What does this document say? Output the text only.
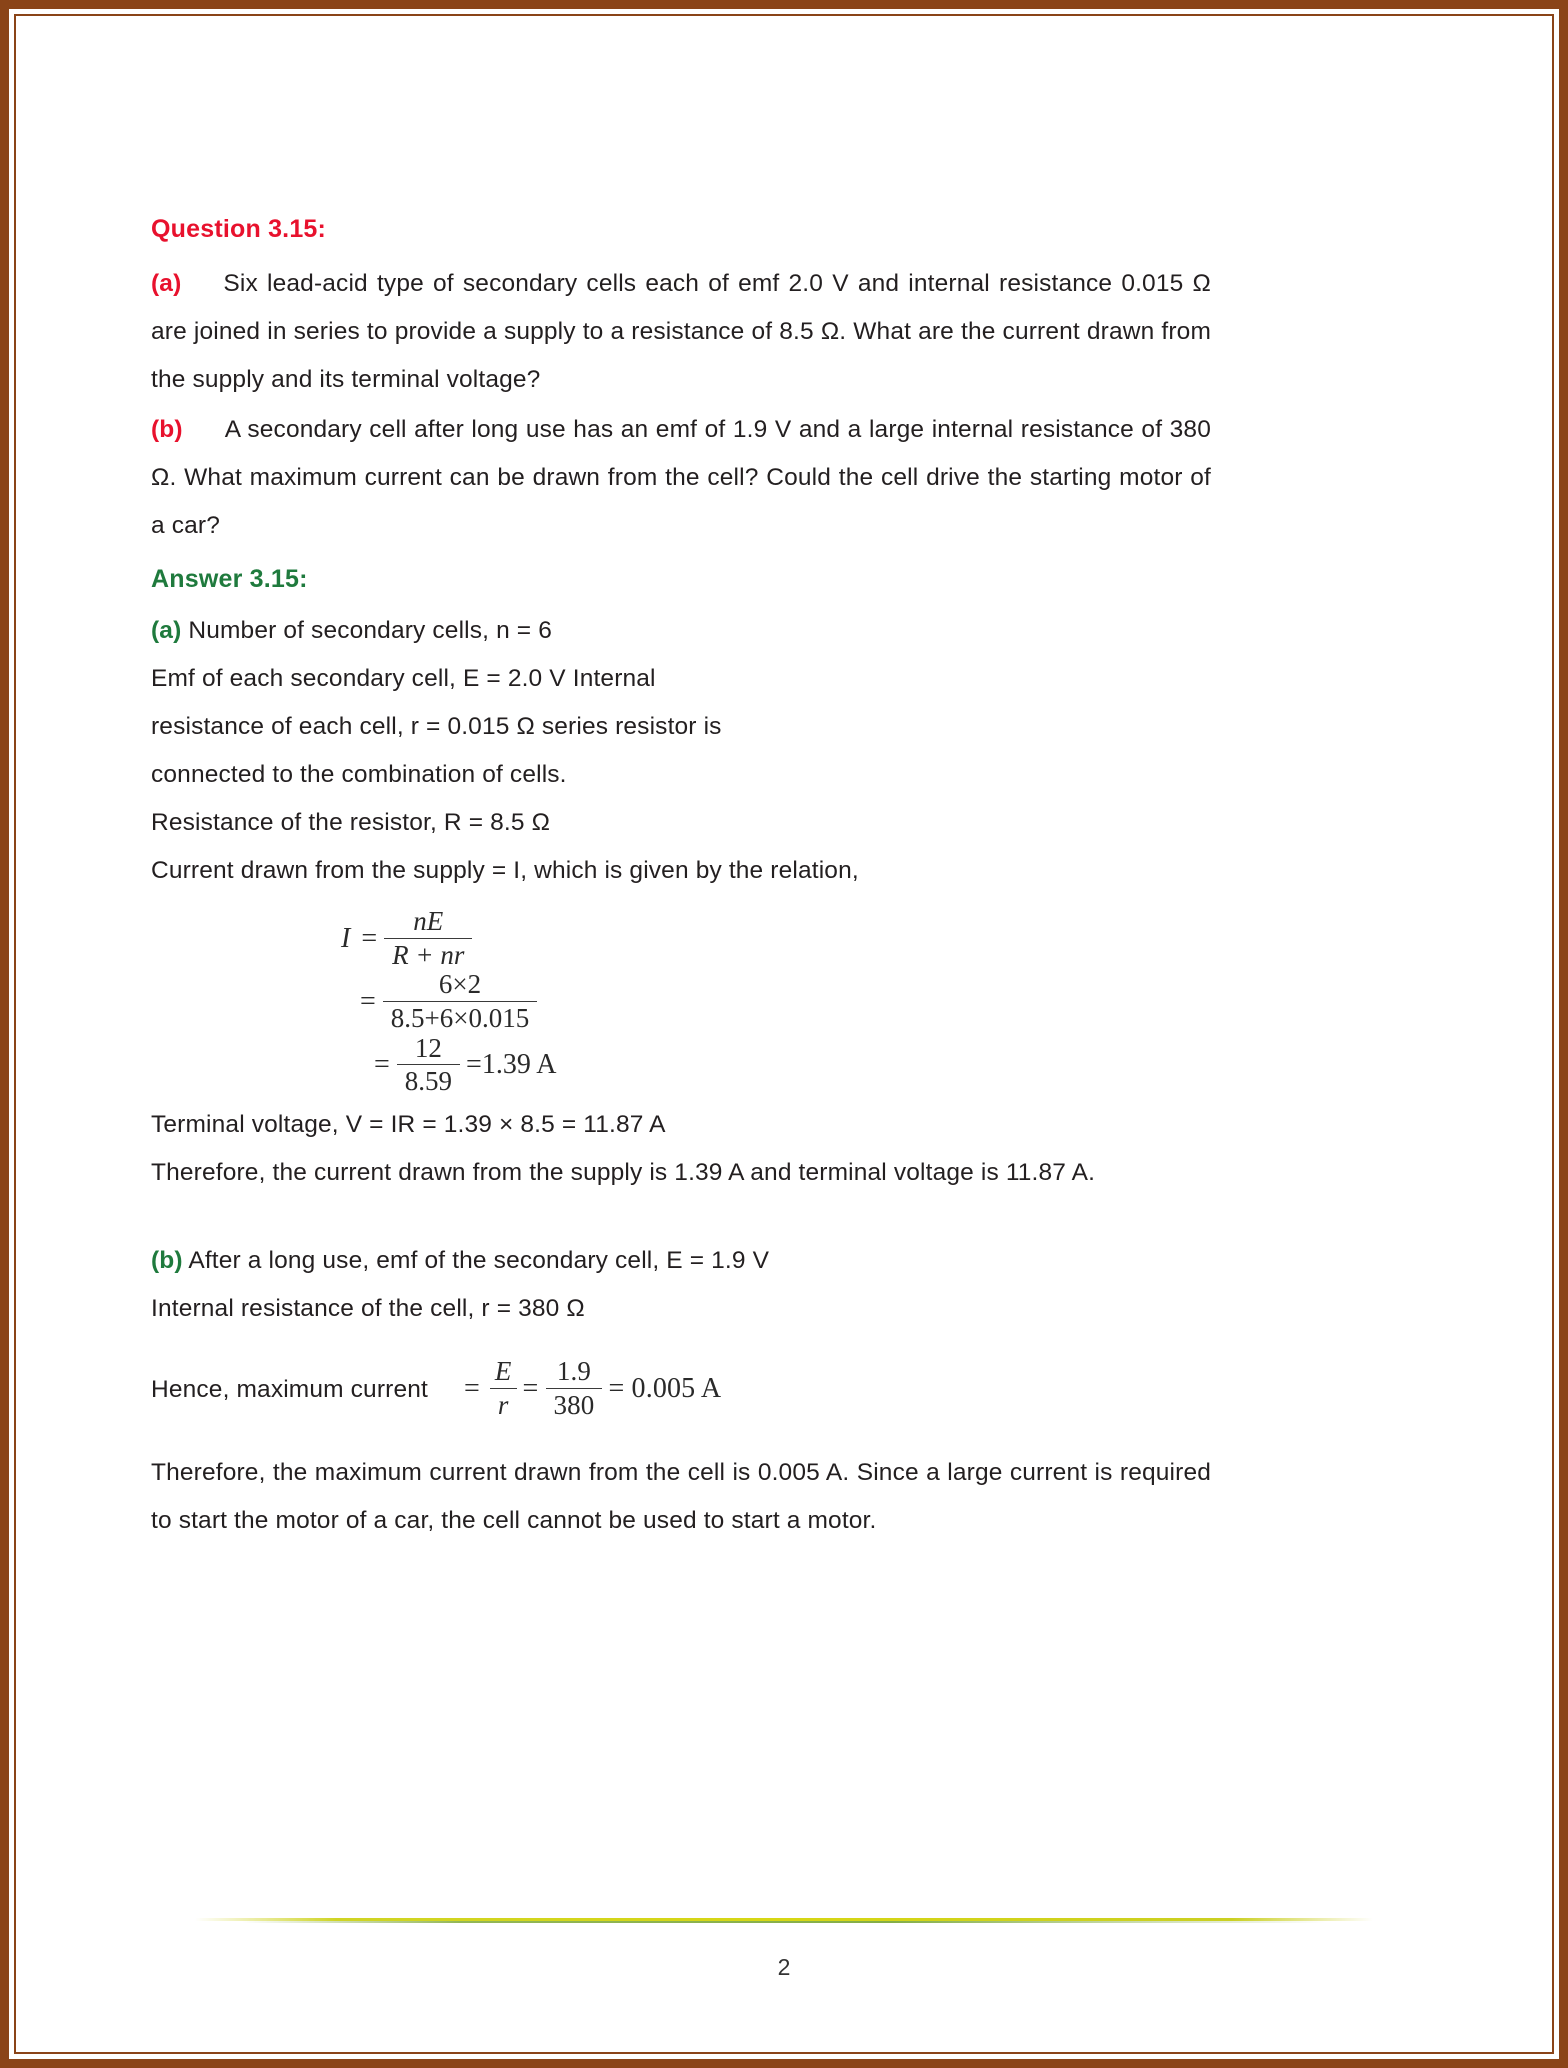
Question 3.15:

(a) Six lead-acid type of secondary cells each of emf 2.0 V and internal resistance 0.015 Ω are joined in series to provide a supply to a resistance of 8.5 Ω. What are the current drawn from the supply and its terminal voltage?

(b) A secondary cell after long use has an emf of 1.9 V and a large internal resistance of 380 Ω. What maximum current can be drawn from the cell? Could the cell drive the starting motor of a car?

Answer 3.15:

(a) Number of secondary cells, n = 6

Emf of each secondary cell, E = 2.0 V Internal

resistance of each cell, r = 0.015 Ω series resistor is

connected to the combination of cells.

Resistance of the resistor, R = 8.5 Ω

Current drawn from the supply = I, which is given by the relation,

$I = \frac{nE}{R + nr}$
= $\frac{6\times 2}{8.5+6\times 0.015}$
= $\frac{12}{8.59} =1.39$ A

Terminal voltage, V = IR = 1.39 × 8.5 = 11.87 A

Therefore, the current drawn from the supply is 1.39 A and terminal voltage is 11.87 A.

(b) After a long use, emf of the secondary cell, E = 1.9 V

Internal resistance of the cell, r = 380 Ω

Hence, maximum current = $\frac{E}{r} = \frac{1.9}{380} = 0.005$ A

Therefore, the maximum current drawn from the cell is 0.005 A. Since a large current is required to start the motor of a car, the cell cannot be used to start a motor.

2
